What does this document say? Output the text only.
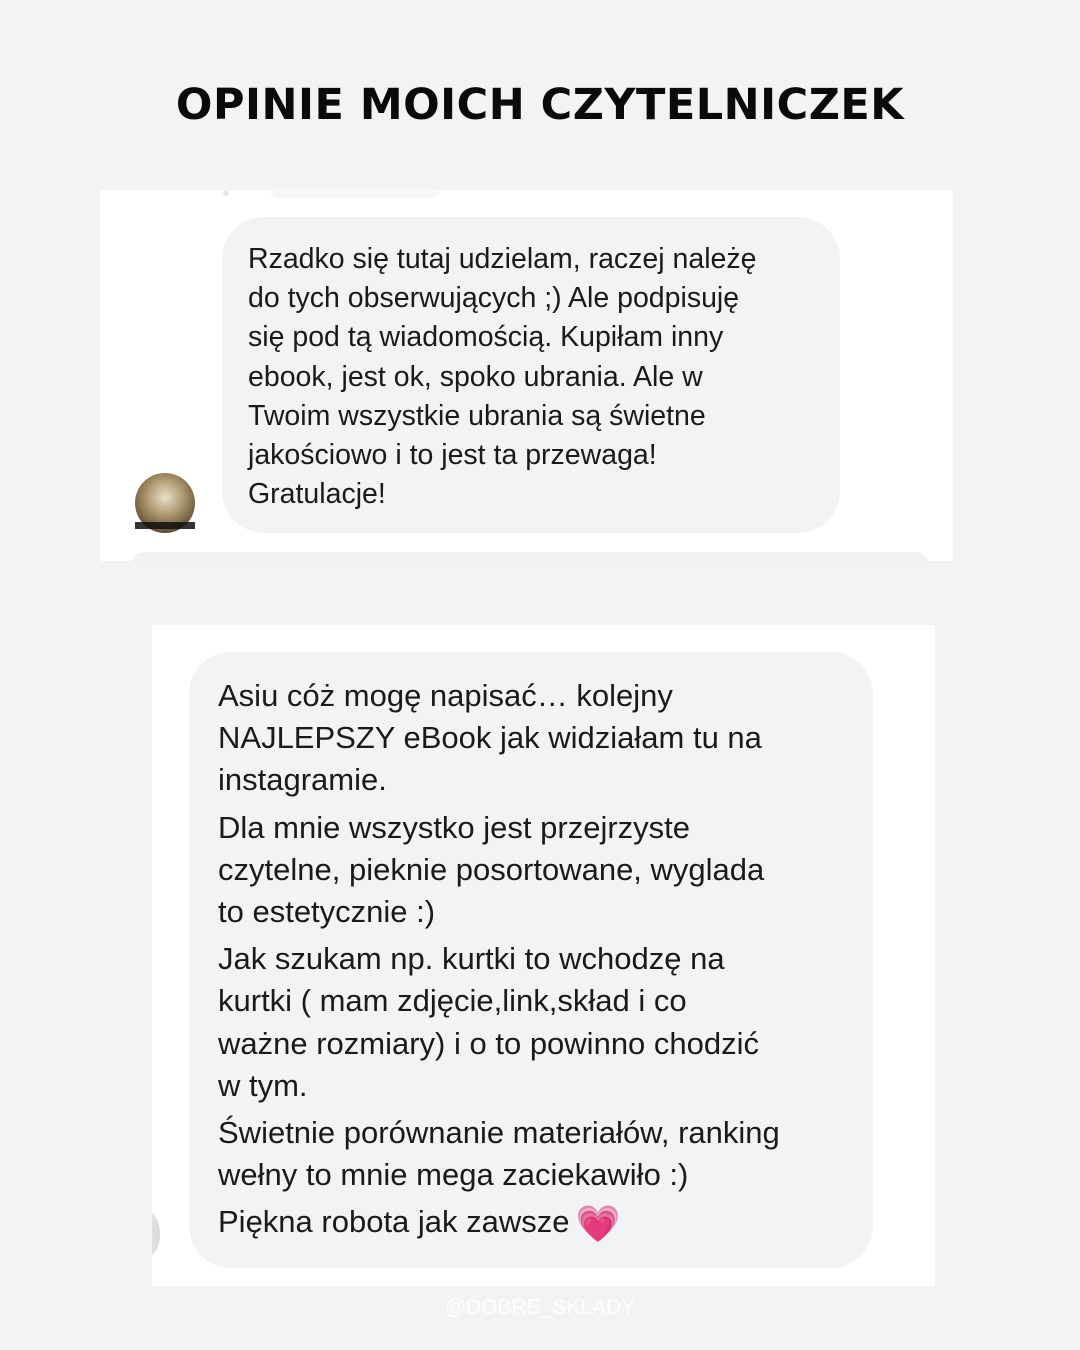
OPINIE MOICH CZYTELNICZEK
Rzadko się tutaj udzielam, raczej należę
do tych obserwujących ;) Ale podpisuję
się pod tą wiadomością. Kupiłam inny
ebook, jest ok, spoko ubrania. Ale w
Twoim wszystkie ubrania są świetne
jakościowo i to jest ta przewaga!
Gratulacje!
Asiu cóż mogę napisać… kolejny
NAJLEPSZY eBook jak widziałam tu na
instagramie.
Dla mnie wszystko jest przejrzyste
czytelne, pieknie posortowane, wyglada
to estetycznie :)
Jak szukam np. kurtki to wchodzę na
kurtki ( mam zdjęcie,link,skład i co
ważne rozmiary) i o to powinno chodzić
w tym.
Świetnie porównanie materiałów, ranking
wełny to mnie mega zaciekawiło :)
Piękna robota jak zawsze 💗
@DOBRE_SKLADY
